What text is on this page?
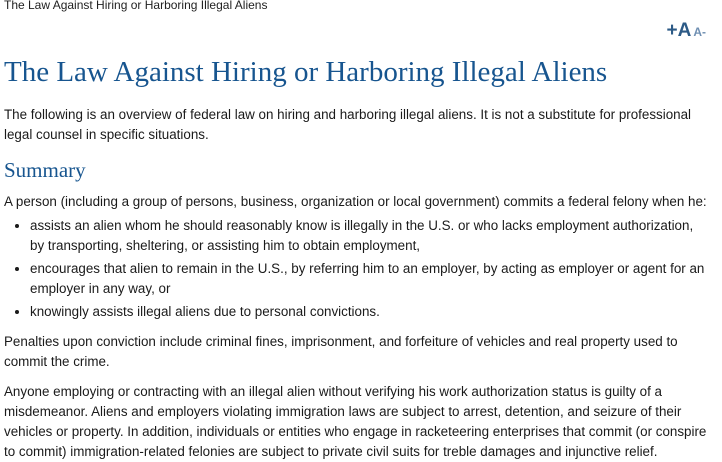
The Law Against Hiring or Harboring Illegal Aliens
+A A-
The Law Against Hiring or Harboring Illegal Aliens

The following is an overview of federal law on hiring and harboring illegal aliens. It is not a substitute for professional legal counsel in specific situations.

Summary

A person (including a group of persons, business, organization or local government) commits a federal felony when he:

• assists an alien whom he should reasonably know is illegally in the U.S. or who lacks employment authorization, by transporting, sheltering, or assisting him to obtain employment,
• encourages that alien to remain in the U.S., by referring him to an employer, by acting as employer or agent for an employer in any way, or
• knowingly assists illegal aliens due to personal convictions.

Penalties upon conviction include criminal fines, imprisonment, and forfeiture of vehicles and real property used to commit the crime.

Anyone employing or contracting with an illegal alien without verifying his work authorization status is guilty of a misdemeanor. Aliens and employers violating immigration laws are subject to arrest, detention, and seizure of their vehicles or property. In addition, individuals or entities who engage in racketeering enterprises that commit (or conspire to commit) immigration-related felonies are subject to private civil suits for treble damages and injunctive relief.
